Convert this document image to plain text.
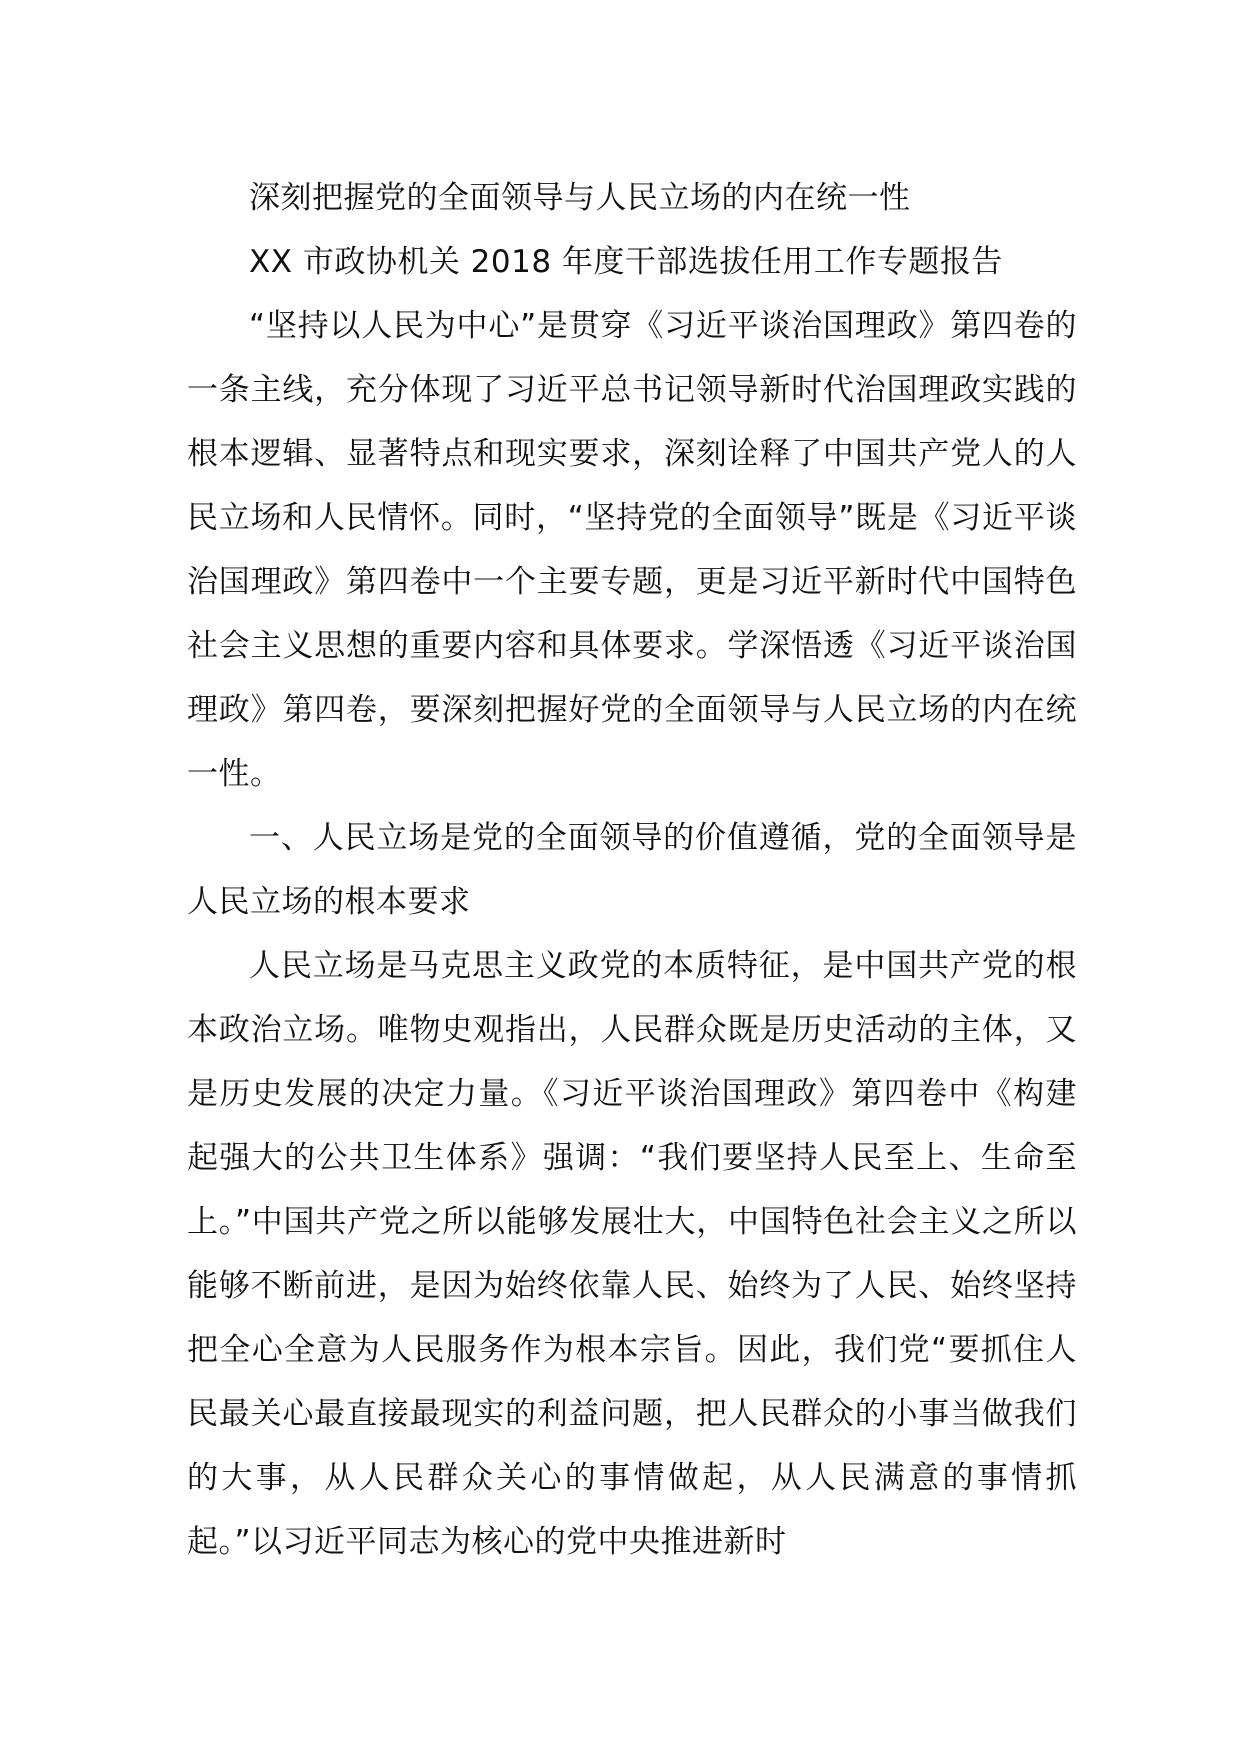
深刻把握党的全面领导与人民立场的内在统一性

XX 市政协机关 2018 年度干部选拔任用工作专题报告

“坚持以人民为中心”是贯穿《习近平谈治国理政》第四卷的一条主线，充分体现了习近平总书记领导新时代治国理政实践的根本逻辑、显著特点和现实要求，深刻诠释了中国共产党人的人民立场和人民情怀。同时，“坚持党的全面领导”既是《习近平谈治国理政》第四卷中一个主要专题，更是习近平新时代中国特色社会主义思想的重要内容和具体要求。学深悟透《习近平谈治国理政》第四卷，要深刻把握好党的全面领导与人民立场的内在统一性。

一、人民立场是党的全面领导的价值遵循，党的全面领导是人民立场的根本要求

人民立场是马克思主义政党的本质特征，是中国共产党的根本政治立场。唯物史观指出，人民群众既是历史活动的主体，又是历史发展的决定力量。《习近平谈治国理政》第四卷中《构建起强大的公共卫生体系》强调：“我们要坚持人民至上、生命至上。”中国共产党之所以能够发展壮大，中国特色社会主义之所以能够不断前进，是因为始终依靠人民、始终为了人民、始终坚持把全心全意为人民服务作为根本宗旨。因此，我们党“要抓住人民最关心最直接最现实的利益问题，把人民群众的小事当做我们的大事，从人民群众关心的事情做起，从人民满意的事情抓起。”以习近平同志为核心的党中央推进新时
